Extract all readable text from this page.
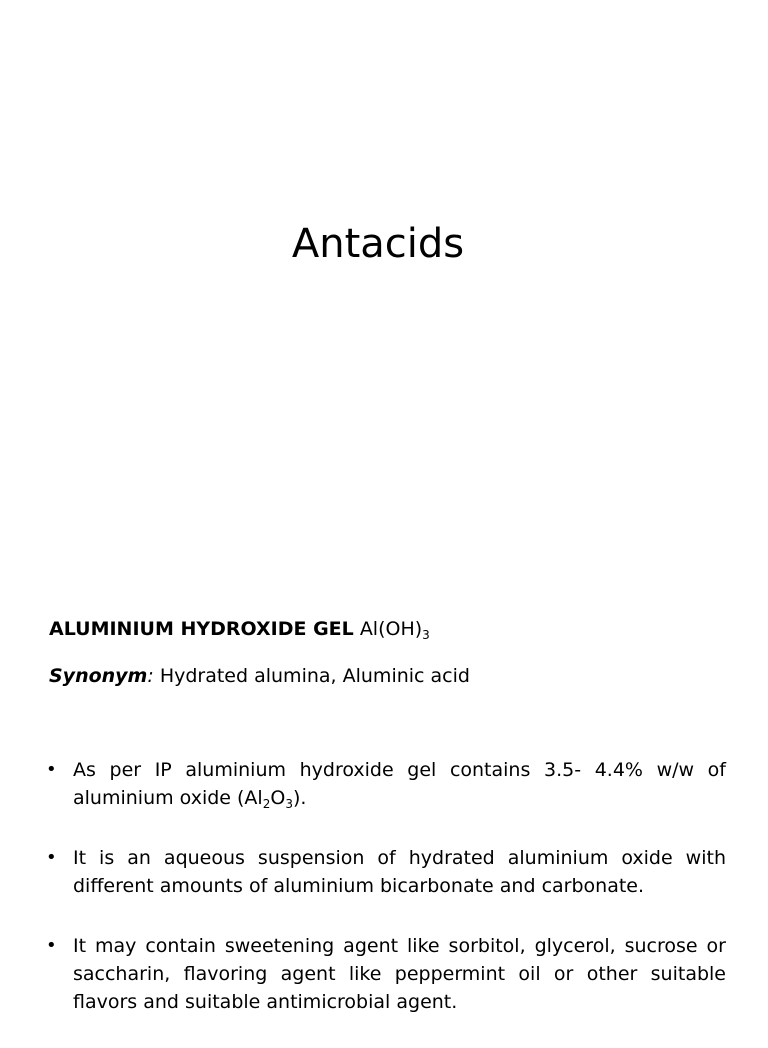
Antacids
ALUMINIUM HYDROXIDE GEL $Al(OH)_3$
Synonym: Hydrated alumina, Aluminic acid
• As per IP aluminium hydroxide gel contains 3.5- 4.4% w/w of aluminium oxide $(Al_2O_3)$.
• It is an aqueous suspension of hydrated aluminium oxide with different amounts of aluminium bicarbonate and carbonate.
• It may contain sweetening agent like sorbitol, glycerol, sucrose or saccharin, flavoring agent like peppermint oil or other suitable flavors and suitable antimicrobial agent.
